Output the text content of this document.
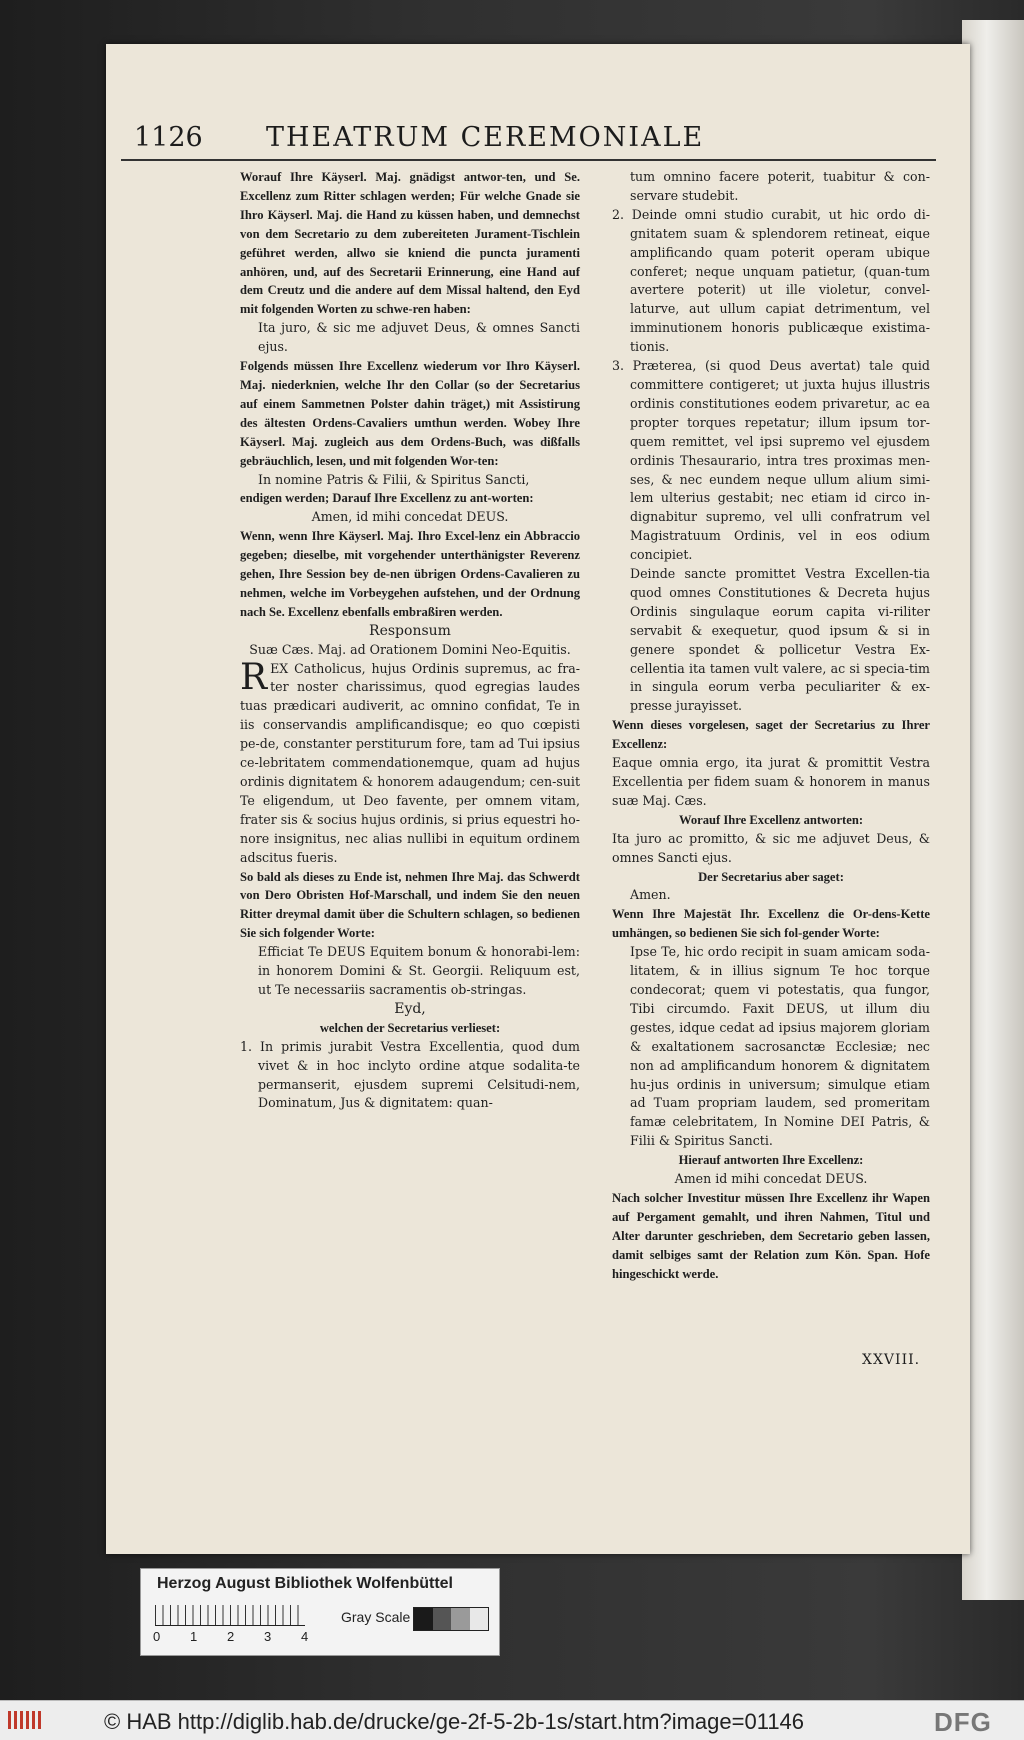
1126 THEATRUM CEREMONIALE

Worauf Ihre Käyserl. Maj. gnädigst antwor-ten, und Se. Excellenz zum Ritter schlagen werden; Für welche Gnade sie Ihro Käyserl. Maj. die Hand zu küssen haben, und demnechst von dem Secretario zu dem zubereiteten Jurament-Tischlein geführet werden, allwo sie kniend die puncta juramenti anhören, und, auf des Secretarii Erinnerung, eine Hand auf dem Creutz und die andere auf dem Missal haltend, den Eyd mit folgenden Worten zu schwe-ren haben:

Ita juro, & sic me adjuvet Deus, & omnes Sancti ejus.

Folgends müssen Ihre Excellenz wiederum vor Ihro Käyserl. Maj. niederknien, welche Ihr den Collar (so der Secretarius auf einem Sammetnen Polster dahin träget,) mit Assistirung des ältesten Ordens-Cavaliers umthun werden. Wobey Ihre Käyserl. Maj. zugleich aus dem Ordens-Buch, was dißfalls gebräuchlich, lesen, und mit folgenden Wor-ten:

In nomine Patris & Filii, & Spiritus Sancti,

endigen werden; Darauf Ihre Excellenz zu ant-worten:

Amen, id mihi concedat DEUS.

Wenn, wenn Ihre Käyserl. Maj. Ihro Excel-lenz ein Abbraccio gegeben; dieselbe, mit vorgehender unterthänigster Reverenz gehen, Ihre Session bey de-nen übrigen Ordens-Cavalieren zu nehmen, welche im Vorbeygehen aufstehen, und der Ordnung nach Se. Excellenz ebenfalls embraßiren werden.

Responsum

Suæ Cæs. Maj. ad Orationem Domini Neo-Equitis.

REX Catholicus, hujus Ordinis supremus, ac fra-ter noster charissimus, quod egregias laudes tuas prædicari audiverit, ac omnino confidat, Te in iis conservandis amplificandisque; eo quo cœpisti pe-de, constanter perstiturum fore, tam ad Tui ipsius ce-lebritatem commendationemque, quam ad hujus ordinis dignitatem & honorem adaugendum; cen-suit Te eligendum, ut Deo favente, per omnem vitam, frater sis & socius hujus ordinis, si prius equestri ho-nore insignitus, nec alias nullibi in equitum ordinem adscitus fueris.

So bald als dieses zu Ende ist, nehmen Ihre Maj. das Schwerdt von Dero Obristen Hof-Marschall, und indem Sie den neuen Ritter dreymal damit über die Schultern schlagen, so bedienen Sie sich folgender Worte:

Efficiat Te DEUS Equitem bonum & honorabi-lem: in honorem Domini & St. Georgii. Reliquum est, ut Te necessariis sacramentis ob-stringas.

Eyd,

welchen der Secretarius verlieset:

1. In primis jurabit Vestra Excellentia, quod dum vivet & in hoc inclyto ordine atque sodalita-te permanserit, ejusdem supremi Celsitudi-nem, Dominatum, Jus & dignitatem: quan-

tum omnino facere poterit, tuabitur & con-servare studebit.

2. Deinde omni studio curabit, ut hic ordo di-gnitatem suam & splendorem retineat, eique amplificando quam poterit operam ubique conferet; neque unquam patietur, (quan-tum avertere poterit) ut ille violetur, convel-laturve, aut ullum capiat detrimentum, vel imminutionem honoris publicæque existima-tionis.

3. Præterea, (si quod Deus avertat) tale quid committere contigeret; ut juxta hujus illustris ordinis constitutiones eodem privaretur, ac ea propter torques repetatur; illum ipsum tor-quem remittet, vel ipsi supremo vel ejusdem ordinis Thesaurario, intra tres proximas men-ses, & nec eundem neque ullum alium simi-lem ulterius gestabit; nec etiam id circo in-dignabitur supremo, vel ulli confratrum vel Magistratuum Ordinis, vel in eos odium concipiet.

Deinde sancte promittet Vestra Excellen-tia quod omnes Constitutiones & Decreta hujus Ordinis singulaque eorum capita vi-riliter servabit & exequetur, quod ipsum & si in genere spondet & pollicetur Vestra Ex-cellentia ita tamen vult valere, ac si specia-tim in singula eorum verba peculiariter & ex-presse jurayisset.

Wenn dieses vorgelesen, saget der Secretarius zu Ihrer Excellenz:

Eaque omnia ergo, ita jurat & promittit Vestra Excellentia per fidem suam & honorem in manus suæ Maj. Cæs.

Worauf Ihre Excellenz antworten:

Ita juro ac promitto, & sic me adjuvet Deus, & omnes Sancti ejus.

Der Secretarius aber saget:

Amen.

Wenn Ihre Majestät Ihr. Excellenz die Or-dens-Kette umhängen, so bedienen Sie sich fol-gender Worte:

Ipse Te, hic ordo recipit in suam amicam soda-litatem, & in illius signum Te hoc torque condecorat; quem vi potestatis, qua fungor, Tibi circumdo. Faxit DEUS, ut illum diu gestes, idque cedat ad ipsius majorem gloriam & exaltationem sacrosanctæ Ecclesiæ; nec non ad amplificandum honorem & dignitatem hu-jus ordinis in universum; simulque etiam ad Tuam propriam laudem, sed promeritam famæ celebritatem, In Nomine DEI Patris, & Filii & Spiritus Sancti.

Hierauf antworten Ihre Excellenz:

Amen id mihi concedat DEUS.

Nach solcher Investitur müssen Ihre Excellenz ihr Wapen auf Pergament gemahlt, und ihren Nahmen, Titul und Alter darunter geschrieben, dem Secretario geben lassen, damit selbiges samt der Relation zum Kön. Span. Hofe hingeschickt werde.

XXVIII.
Herzog August Bibliothek Wolfenbüttel
0 1 2 3 4
Gray Scale
© HAB http://diglib.hab.de/drucke/ge-2f-5-2b-1s/start.htm?image=01146	DFG
